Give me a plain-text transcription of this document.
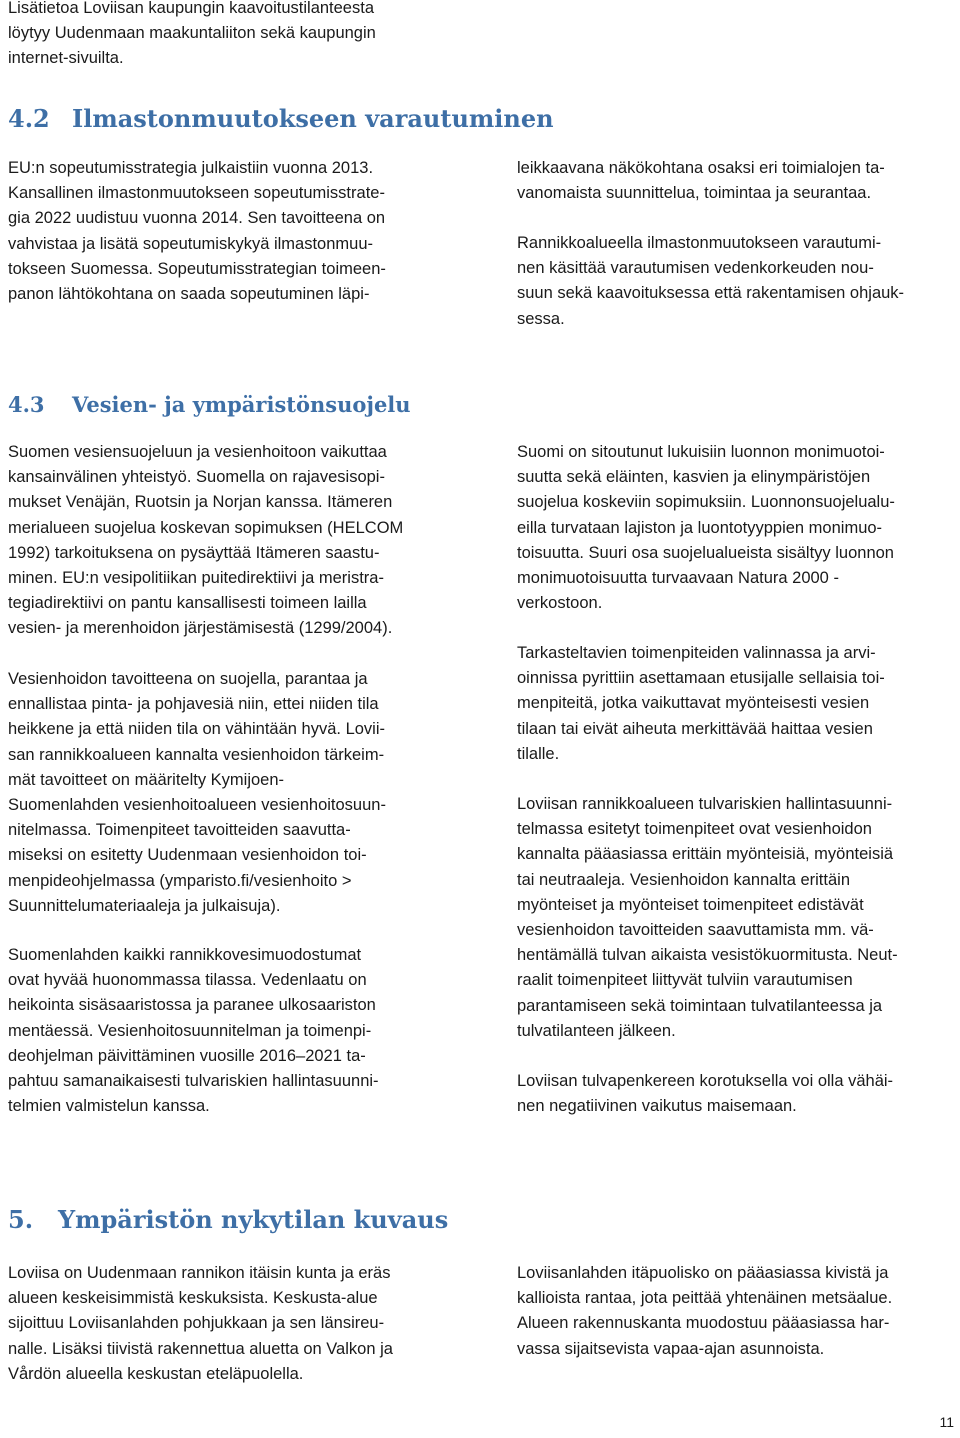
Lisätietoa Loviisan kaupungin kaavoitustilanteesta
löytyy Uudenmaan maakuntaliiton sekä kaupungin
internet-sivuilta.
4.2 Ilmastonmuutokseen varautuminen
EU:n sopeutumisstrategia julkaistiin vuonna 2013.
Kansallinen ilmastonmuutokseen sopeutumisstrate-
gia 2022 uudistuu vuonna 2014. Sen tavoitteena on
vahvistaa ja lisätä sopeutumiskykyä ilmastonmuu-
tokseen Suomessa. Sopeutumisstrategian toimeen-
panon lähtökohtana on saada sopeutuminen läpi-
leikkaavana näkökohtana osaksi eri toimialojen ta-
vanomaista suunnittelua, toimintaa ja seurantaa.
Rannikkoalueella ilmastonmuutokseen varautumi-
nen käsittää varautumisen vedenkorkeuden nou-
suun sekä kaavoituksessa että rakentamisen ohjauk-
sessa.
4.3 Vesien- ja ympäristönsuojelu
Suomen vesiensuojeluun ja vesienhoitoon vaikuttaa
kansainvälinen yhteistyö. Suomella on rajavesisopi-
mukset Venäjän, Ruotsin ja Norjan kanssa. Itämeren
merialueen suojelua koskevan sopimuksen (HELCOM
1992) tarkoituksena on pysäyttää Itämeren saastu-
minen. EU:n vesipolitiikan puitedirektiivi ja meristra-
tegiadirektiivi on pantu kansallisesti toimeen lailla
vesien- ja merenhoidon järjestämisestä (1299/2004).
Vesienhoidon tavoitteena on suojella, parantaa ja
ennallistaa pinta- ja pohjavesiä niin, ettei niiden tila
heikkene ja että niiden tila on vähintään hyvä. Lovii-
san rannikkoalueen kannalta vesienhoidon tärkeim-
mät tavoitteet on määritelty Kymijoen-
Suomenlahden vesienhoitoalueen vesienhoitosuun-
nitelmassa. Toimenpiteet tavoitteiden saavutta-
miseksi on esitetty Uudenmaan vesienhoidon toi-
menpideohjelmassa (ymparisto.fi/vesienhoito >
Suunnittelumateriaaleja ja julkaisuja).
Suomenlahden kaikki rannikkovesimuodostumat
ovat hyvää huonommassa tilassa. Vedenlaatu on
heikointa sisäsaaristossa ja paranee ulkosaariston
mentäessä. Vesienhoitosuunnitelman ja toimenpi-
deohjelman päivittäminen vuosille 2016–2021 ta-
pahtuu samanaikaisesti tulvariskien hallintasuunni-
telmien valmistelun kanssa.
Suomi on sitoutunut lukuisiin luonnon monimuotoi-
suutta sekä eläinten, kasvien ja elinympäristöjen
suojelua koskeviin sopimuksiin. Luonnonsuojelualu-
eilla turvataan lajiston ja luontotyyppien monimuo-
toisuutta. Suuri osa suojelualueista sisältyy luonnon
monimuotoisuutta turvaavaan Natura 2000 -
verkostoon.
Tarkasteltavien toimenpiteiden valinnassa ja arvi-
oinnissa pyrittiin asettamaan etusijalle sellaisia toi-
menpiteitä, jotka vaikuttavat myönteisesti vesien
tilaan tai eivät aiheuta merkittävää haittaa vesien
tilalle.
Loviisan rannikkoalueen tulvariskien hallintasuunni-
telmassa esitetyt toimenpiteet ovat vesienhoidon
kannalta pääasiassa erittäin myönteisiä, myönteisiä
tai neutraaleja. Vesienhoidon kannalta erittäin
myönteiset ja myönteiset toimenpiteet edistävät
vesienhoidon tavoitteiden saavuttamista mm. vä-
hentämällä tulvan aikaista vesistökuormitusta. Neut-
raalit toimenpiteet liittyvät tulviin varautumisen
parantamiseen sekä toimintaan tulvatilanteessa ja
tulvatilanteen jälkeen.
Loviisan tulvapenkereen korotuksella voi olla vähäi-
nen negatiivinen vaikutus maisemaan.
5. Ympäristön nykytilan kuvaus
Loviisa on Uudenmaan rannikon itäisin kunta ja eräs
alueen keskeisimmistä keskuksista. Keskusta-alue
sijoittuu Loviisanlahden pohjukkaan ja sen länsireu-
nalle. Lisäksi tiivistä rakennettua aluetta on Valkon ja
Vårdön alueella keskustan eteläpuolella.
Loviisanlahden itäpuolisko on pääasiassa kivistä ja
kallioista rantaa, jota peittää yhtenäinen metsäalue.
Alueen rakennuskanta muodostuu pääasiassa har-
vassa sijaitsevista vapaa-ajan asunnoista.
11
